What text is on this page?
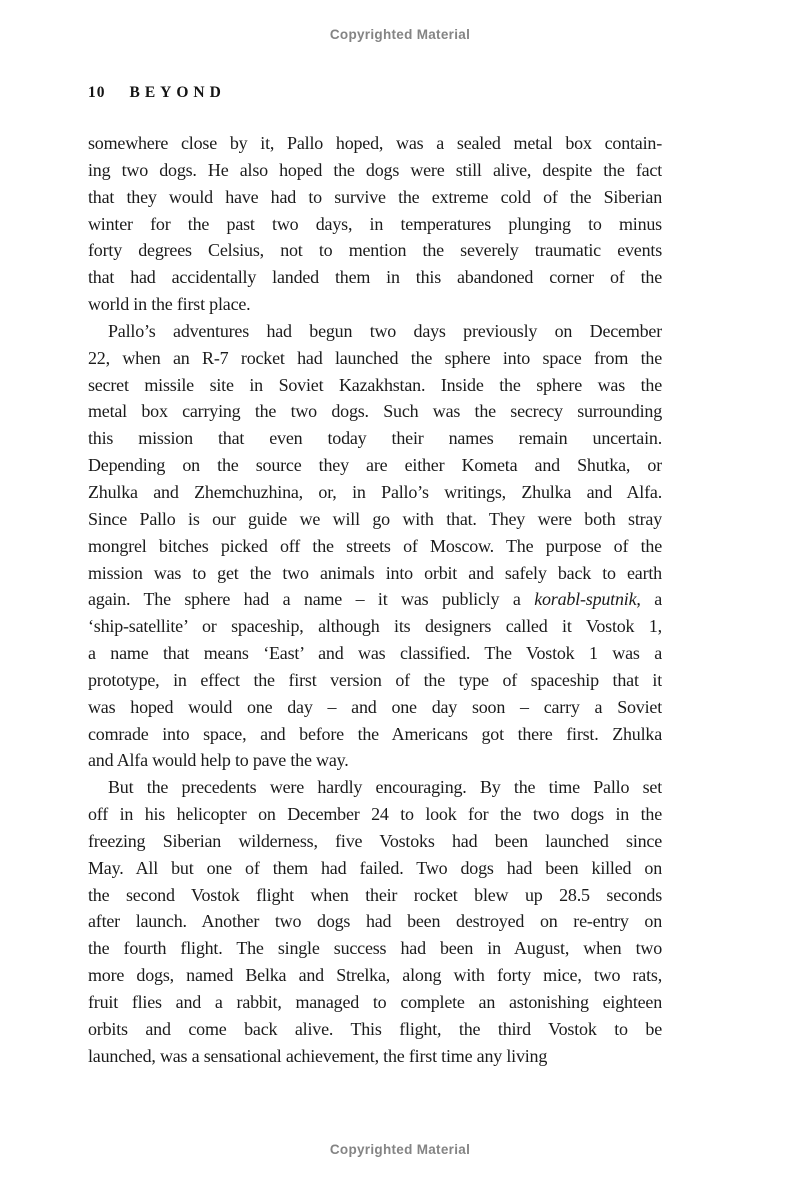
Copyrighted Material
10 BEYOND
somewhere close by it, Pallo hoped, was a sealed metal box contain-
ing two dogs. He also hoped the dogs were still alive, despite the fact
that they would have had to survive the extreme cold of the Siberian
winter for the past two days, in temperatures plunging to minus
forty degrees Celsius, not to mention the severely traumatic events
that had accidentally landed them in this abandoned corner of the
world in the first place.
Pallo’s adventures had begun two days previously on December
22, when an R-7 rocket had launched the sphere into space from the
secret missile site in Soviet Kazakhstan. Inside the sphere was the
metal box carrying the two dogs. Such was the secrecy surrounding
this mission that even today their names remain uncertain.
Depending on the source they are either Kometa and Shutka, or
Zhulka and Zhemchuzhina, or, in Pallo’s writings, Zhulka and Alfa.
Since Pallo is our guide we will go with that. They were both stray
mongrel bitches picked off the streets of Moscow. The purpose of the
mission was to get the two animals into orbit and safely back to earth
again. The sphere had a name – it was publicly a korabl-sputnik, a
‘ship-satellite’ or spaceship, although its designers called it Vostok 1,
a name that means ‘East’ and was classified. The Vostok 1 was a
prototype, in effect the first version of the type of spaceship that it
was hoped would one day – and one day soon – carry a Soviet
comrade into space, and before the Americans got there first. Zhulka
and Alfa would help to pave the way.
But the precedents were hardly encouraging. By the time Pallo set
off in his helicopter on December 24 to look for the two dogs in the
freezing Siberian wilderness, five Vostoks had been launched since
May. All but one of them had failed. Two dogs had been killed on
the second Vostok flight when their rocket blew up 28.5 seconds
after launch. Another two dogs had been destroyed on re-entry on
the fourth flight. The single success had been in August, when two
more dogs, named Belka and Strelka, along with forty mice, two rats,
fruit flies and a rabbit, managed to complete an astonishing eighteen
orbits and come back alive. This flight, the third Vostok to be
launched, was a sensational achievement, the first time any living
Copyrighted Material
